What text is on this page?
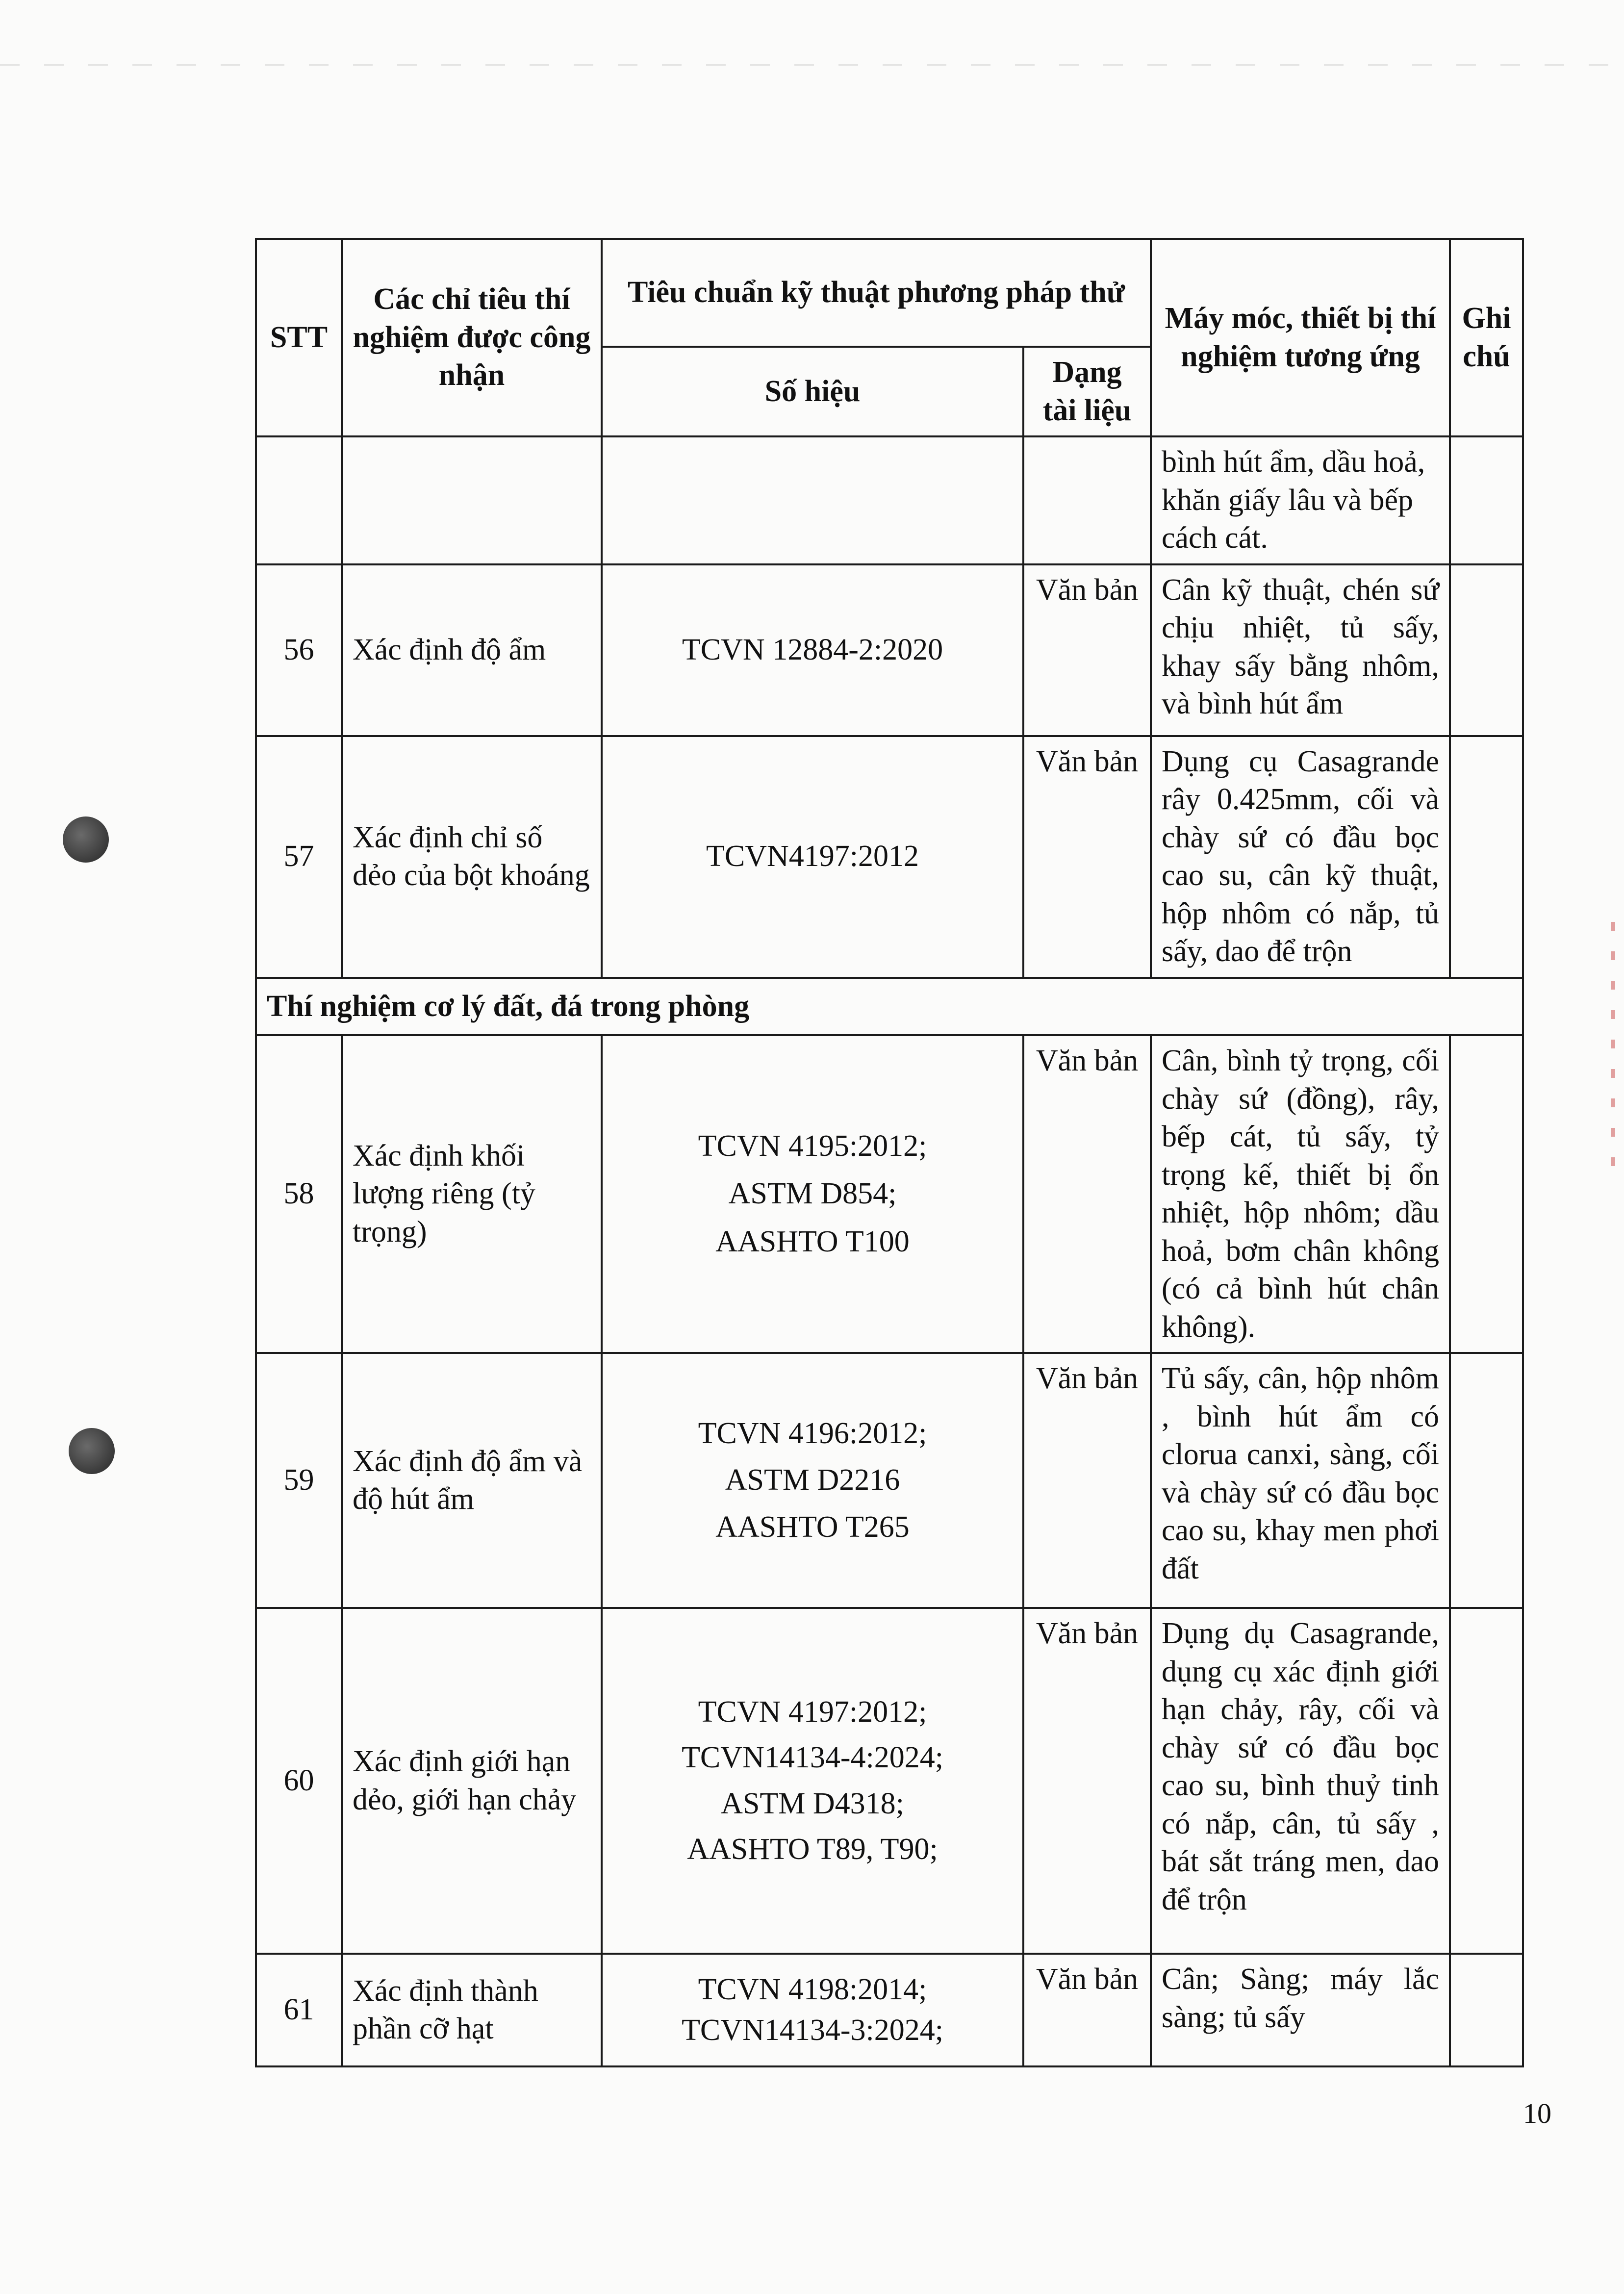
STT	Các chỉ tiêu thí nghiệm được công nhận	Tiêu chuẩn kỹ thuật phương pháp thử		Máy móc, thiết bị thí nghiệm tương ứng	Ghi chú
		Số hiệu	Dạng tài liệu		
				bình hút ẩm, dầu hoả, khăn giấy lâu và bếp cách cát.	
56	Xác định độ ẩm	TCVN 12884-2:2020	Văn bản	Cân kỹ thuật, chén sứ chịu nhiệt, tủ sấy, khay sấy bằng nhôm, và bình hút ẩm	
57	Xác định chỉ số dẻo của bột khoáng	TCVN4197:2012	Văn bản	Dụng cụ Casagrande rây 0.425mm, cối và chày sứ có đầu bọc cao su, cân kỹ thuật, hộp nhôm có nắp, tủ sấy, dao để trộn	
Thí nghiệm cơ lý đất, đá trong phòng					
58	Xác định khối lượng riêng (tỷ trọng)	TCVN 4195:2012;
ASTM D854;
AASHTO T100	Văn bản	Cân, bình tỷ trọng, cối chày sứ (đồng), rây, bếp cát, tủ sấy, tỷ trọng kế, thiết bị ổn nhiệt, hộp nhôm; dầu hoả, bơm chân không (có cả bình hút chân không).	
59	Xác định độ ẩm và độ hút ẩm	TCVN 4196:2012;
ASTM D2216
AASHTO T265	Văn bản	Tủ sấy, cân, hộp nhôm , bình hút ẩm có clorua canxi, sàng, cối và chày sứ có đầu bọc cao su, khay men phơi đất	
60	Xác định giới hạn dẻo, giới hạn chảy	TCVN 4197:2012;
TCVN14134-4:2024;
ASTM D4318;
AASHTO T89, T90;	Văn bản	Dụng dụ Casagrande, dụng cụ xác định giới hạn chảy, rây, cối và chày sứ có đầu bọc cao su, bình thuỷ tinh có nắp, cân, tủ sấy , bát sắt tráng men, dao để trộn	
61	Xác định thành phần cỡ hạt	TCVN 4198:2014;
TCVN14134-3:2024;	Văn bản	Cân; Sàng; máy lắc sàng; tủ sấy	
10
